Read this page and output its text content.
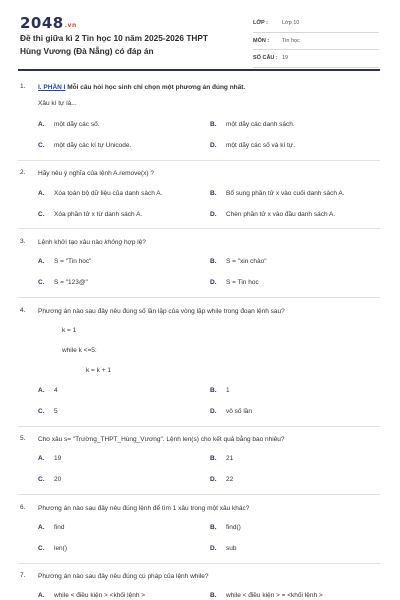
2048.vn
Đề thi giữa kì 2 Tin học 10 năm 2025-2026 THPT Hùng Vương (Đà Nẵng) có đáp án
LỚP :	Lớp 10
MÔN :	Tin học
SỐ CÂU : 19
1. I. PHẦN I Mỗi câu hỏi học sinh chỉ chọn một phương án đúng nhất.
Xâu kí tự là...
A. một dãy các số.	B. một dãy các danh sách.
C. một dãy các kí tự Unicode.	D. một dãy các số và kí tự.
2. Hãy nêu ý nghĩa của lệnh A.remove(x) ?
A. Xóa toàn bộ dữ liệu của danh sách A.	B. Bổ sung phần tử x vào cuối danh sách A.
C. Xóa phần tử x từ danh sách A.	D. Chèn phần tử x vào đầu danh sách A.
3. Lệnh khởi tạo xâu nào không hợp lệ?
A. S = "Tin hoc"	B. S = "xin chào"
C. S = "123@"	D. S = Tin hoc
4. Phương án nào sau đây nêu đúng số lần lặp của vòng lặp while trong đoạn lệnh sau?
k = 1
while k <=5:
k = k + 1
A. 4	B. 1
C. 5	D. vô số lần
5. Cho xâu s= "Trường_THPT_Hùng_Vương". Lệnh len(s) cho kết quả bằng bao nhiêu?
A. 19	B. 21
C. 20	D. 22
6. Phương án nào sau đây nêu đúng lệnh để tìm 1 xâu trong một xâu khác?
A. find	B. find()
C. len()	D. sub
7. Phương án nào sau đây nêu đúng cú pháp của lệnh while?
A. while < điều kiện > <khối lệnh >	B. while < điều kiện > = <khối lệnh >
